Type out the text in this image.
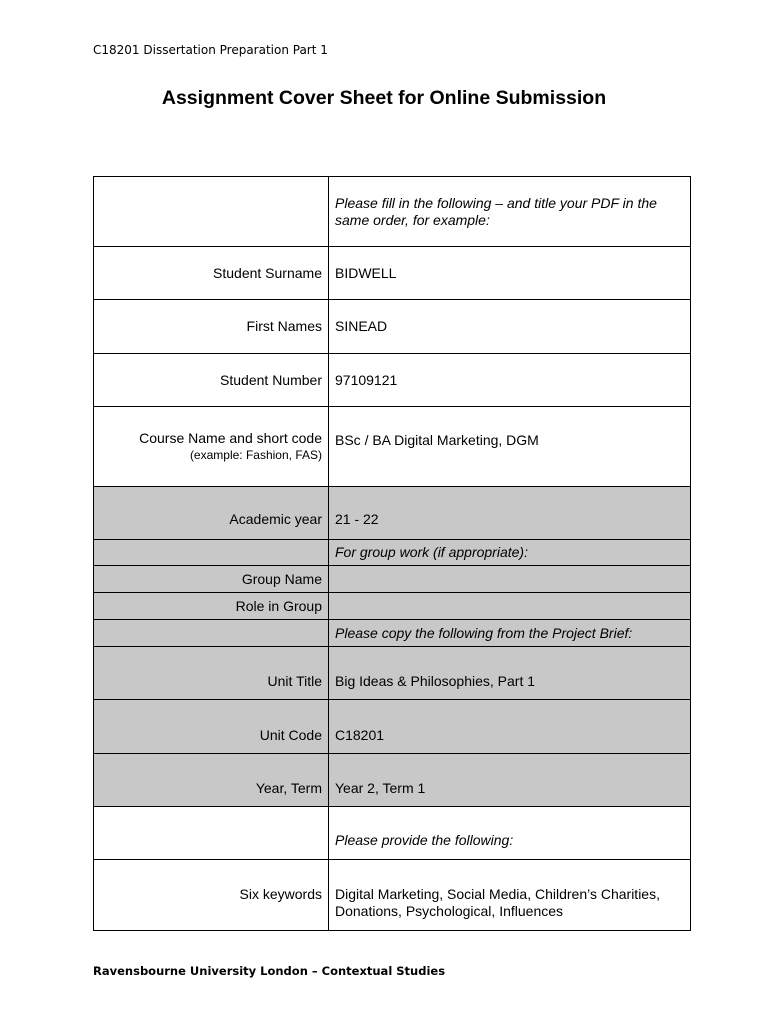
C18201 Dissertation Preparation Part 1
Assignment Cover Sheet for Online Submission
	Please fill in the following – and title your PDF in the same order, for example:
Student Surname	BIDWELL
First Names	SINEAD
Student Number	97109121
Course Name and short code
(example: Fashion, FAS)	BSc / BA Digital Marketing, DGM
Academic year	21 - 22
	For group work (if appropriate):
Group Name	
Role in Group	
	Please copy the following from the Project Brief:
Unit Title	Big Ideas & Philosophies, Part 1
Unit Code	C18201
Year, Term	Year 2, Term 1
	Please provide the following:
Six keywords	Digital Marketing, Social Media, Children’s Charities, Donations, Psychological, Influences
Ravensbourne University London – Contextual Studies
